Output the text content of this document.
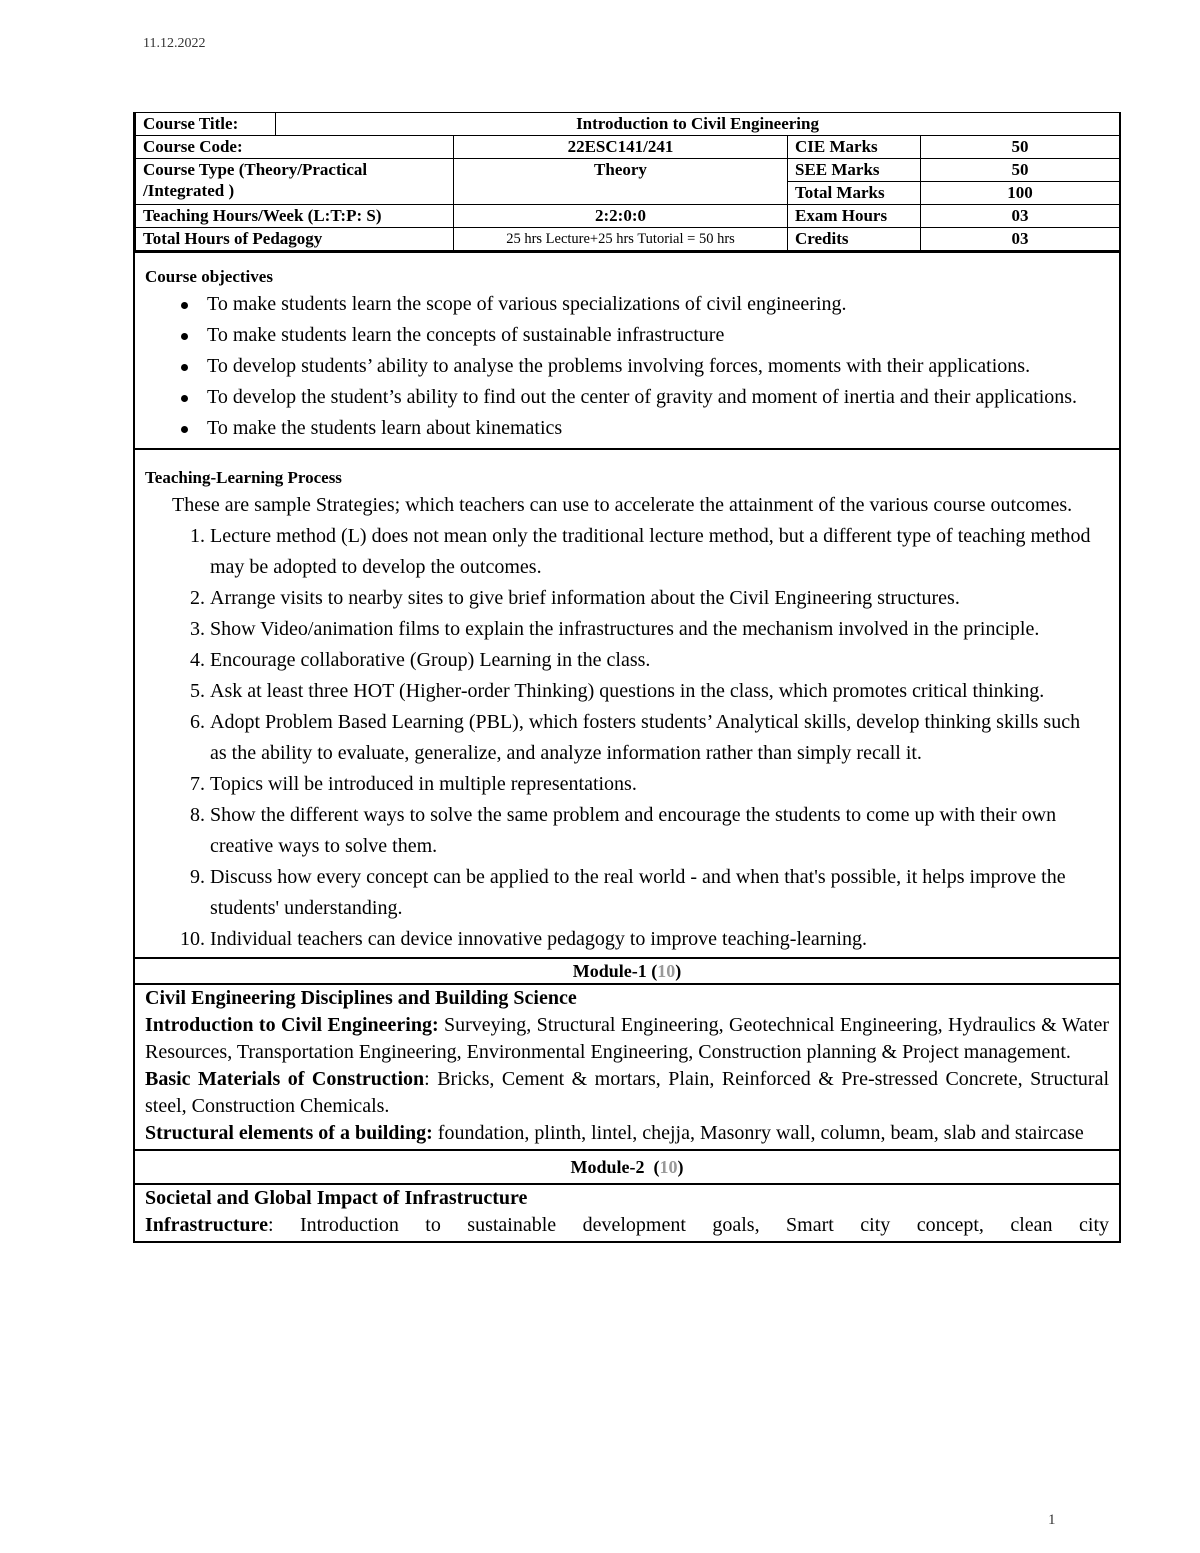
11.12.2022
Course Title:	Introduction to Civil Engineering			
Course Code:		22ESC141/241	CIE Marks	50
Course Type (Theory/Practical /Integrated )		Theory	SEE Marks	50
			Total Marks	100
Teaching Hours/Week (L:T:P: S)		2:2:0:0	Exam Hours	03
Total Hours of Pedagogy		25 hrs Lecture+25 hrs Tutorial = 50 hrs	Credits	03
Course objectives
To make students learn the scope of various specializations of civil engineering.
To make students learn the concepts of sustainable infrastructure
To develop students’ ability to analyse the problems involving forces, moments with their applications.
To develop the student’s ability to find out the center of gravity and moment of inertia and their applications.
To make the students learn about kinematics
Teaching-Learning Process
These are sample Strategies; which teachers can use to accelerate the attainment of the various course outcomes.
1. Lecture method (L) does not mean only the traditional lecture method, but a different type of teaching method may be adopted to develop the outcomes.
2. Arrange visits to nearby sites to give brief information about the Civil Engineering structures.
3. Show Video/animation films to explain the infrastructures and the mechanism involved in the principle.
4. Encourage collaborative (Group) Learning in the class.
5. Ask at least three HOT (Higher-order Thinking) questions in the class, which promotes critical thinking.
6. Adopt Problem Based Learning (PBL), which fosters students’ Analytical skills, develop thinking skills such as the ability to evaluate, generalize, and analyze information rather than simply recall it.
7. Topics will be introduced in multiple representations.
8. Show the different ways to solve the same problem and encourage the students to come up with their own creative ways to solve them.
9. Discuss how every concept can be applied to the real world - and when that's possible, it helps improve the students' understanding.
10. Individual teachers can device innovative pedagogy to improve teaching-learning.
Module-1 (10)

Civil Engineering Disciplines and Building Science

Introduction to Civil Engineering: Surveying, Structural Engineering, Geotechnical Engineering, Hydraulics & Water Resources, Transportation Engineering, Environmental Engineering, Construction planning & Project management.

Basic Materials of Construction: Bricks, Cement & mortars, Plain, Reinforced & Pre-stressed Concrete, Structural steel, Construction Chemicals.

Structural elements of a building: foundation, plinth, lintel, chejja, Masonry wall, column, beam, slab and staircase

Module-2  (10)

Societal and Global Impact of Infrastructure

Infrastructure: Introduction to sustainable development goals, Smart city concept, clean city

1
